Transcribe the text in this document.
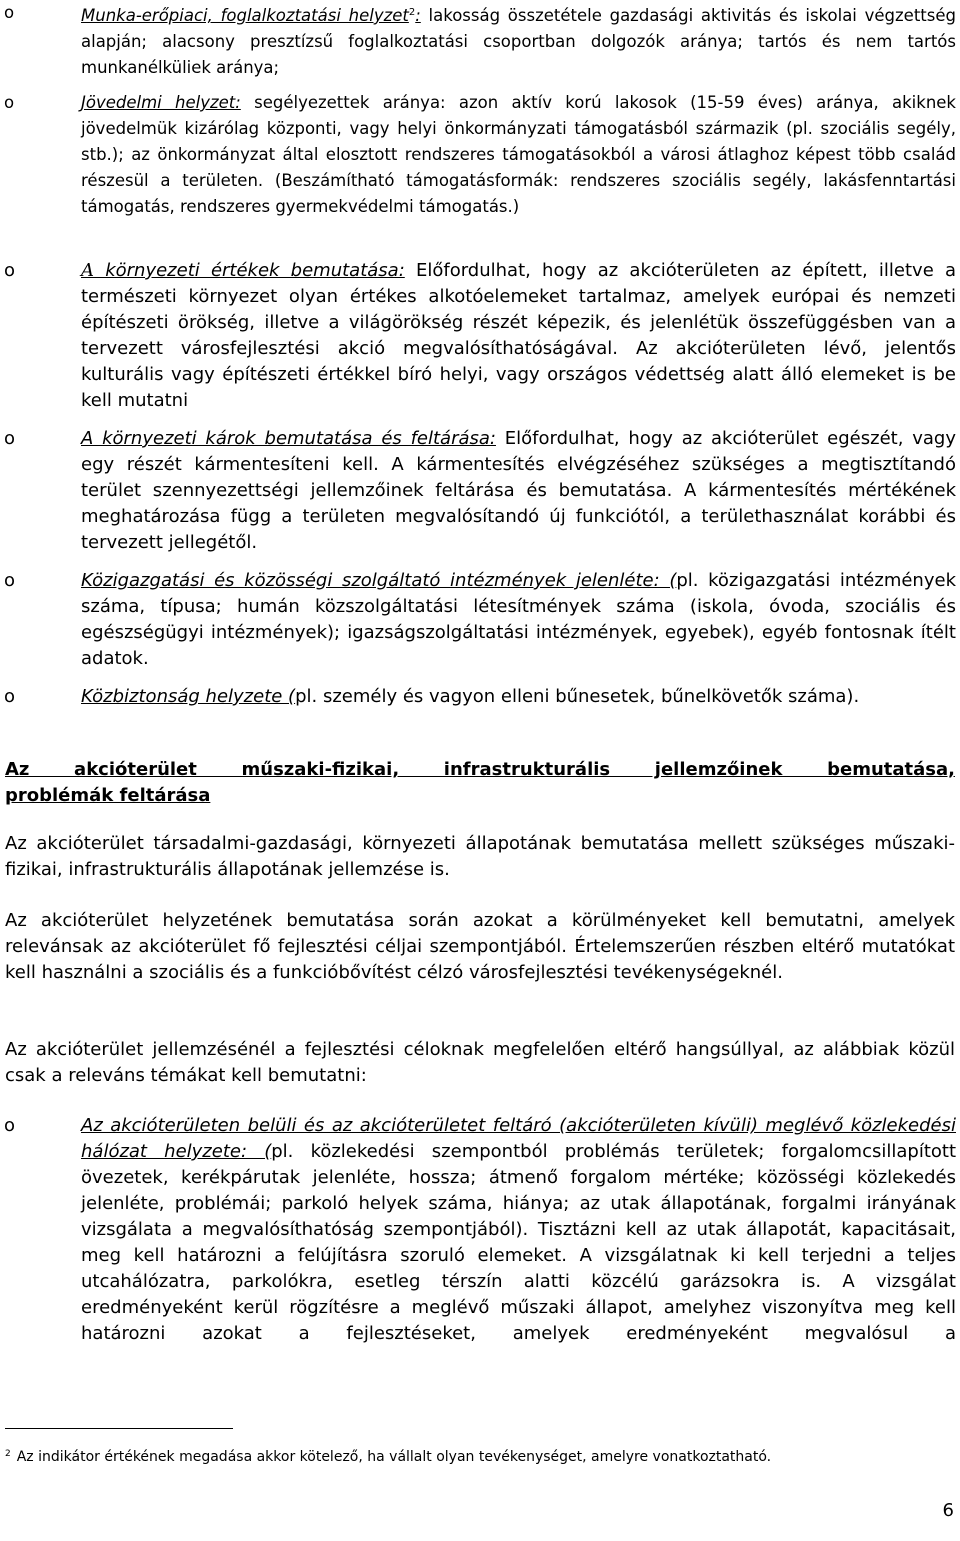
o	Munka-erőpiaci, foglalkoztatási helyzet$^2$: lakosság összetétele gazdasági aktivitás és iskolai végzettség alapján; alacsony presztízsű foglalkoztatási csoportban dolgozók aránya; tartós és nem tartós munkanélküliek aránya;
o	Jövedelmi helyzet: segélyezettek aránya: azon aktív korú lakosok (15-59 éves) aránya, akiknek jövedelmük kizárólag központi, vagy helyi önkormányzati támogatásból származik (pl. szociális segély, stb.); az önkormányzat által elosztott rendszeres támogatásokból a városi átlaghoz képest több család részesül a területen. (Beszámítható támogatásformák: rendszeres szociális segély, lakásfenntartási támogatás, rendszeres gyermekvédelmi támogatás.)
o	A környezeti értékek bemutatása: Előfordulhat, hogy az akcióterületen az épített, illetve a természeti környezet olyan értékes alkotóelemeket tartalmaz, amelyek európai és nemzeti építészeti örökség, illetve a világörökség részét képezik, és jelenlétük összefüggésben van a tervezett városfejlesztési akció megvalósíthatóságával. Az akcióterületen lévő, jelentős kulturális vagy építészeti értékkel bíró helyi, vagy országos védettség alatt álló elemeket is be kell mutatni
o	A környezeti károk bemutatása és feltárása: Előfordulhat, hogy az akcióterület egészét, vagy egy részét kármentesíteni kell. A kármentesítés elvégzéséhez szükséges a megtisztítandó terület szennyezettségi jellemzőinek feltárása és bemutatása. A kármentesítés mértékének meghatározása függ a területen megvalósítandó új funkciótól, a területhasználat korábbi és tervezett jellegétől.
o	Közigazgatási és közösségi szolgáltató intézmények jelenléte: (pl. közigazgatási intézmények száma, típusa; humán közszolgáltatási létesítmények száma (iskola, óvoda, szociális és egészségügyi intézmények); igazságszolgáltatási intézmények, egyebek), egyéb fontosnak ítélt adatok.
o	Közbiztonság helyzete (pl. személy és vagyon elleni bűnesetek, bűnelkövetők száma).
Az akcióterület műszaki-fizikai, infrastrukturális jellemzőinek bemutatása,
problémák feltárása

Az akcióterület társadalmi-gazdasági, környezeti állapotának bemutatása mellett szükséges műszaki-fizikai, infrastrukturális állapotának jellemzése is.

Az akcióterület helyzetének bemutatása során azokat a körülményeket kell bemutatni, amelyek relevánsak az akcióterület fő fejlesztési céljai szempontjából. Értelemszerűen részben eltérő mutatókat kell használni a szociális és a funkcióbővítést célzó városfejlesztési tevékenységeknél.

Az akcióterület jellemzésénél a fejlesztési céloknak megfelelően eltérő hangsúllyal, az alábbiak közül csak a releváns témákat kell bemutatni:

o	Az akcióterületen belüli és az akcióterületet feltáró (akcióterületen kívüli) meglévő közlekedési hálózat helyzete: (pl. közlekedési szempontból problémás területek; forgalomcsillapított övezetek, kerékpárutak jelenléte, hossza; átmenő forgalom mértéke; közösségi közlekedés jelenléte, problémái; parkoló helyek száma, hiánya; az utak állapotának, forgalmi irányának vizsgálata a megvalósíthatóság szempontjából). Tisztázni kell az utak állapotát, kapacitásait, meg kell határozni a felújításra szoruló elemeket. A vizsgálatnak ki kell terjedni a teljes utcahálózatra, parkolókra, esetleg térszín alatti közcélú garázsokra is. A vizsgálat eredményeként kerül rögzítésre a meglévő műszaki állapot, amelyhez viszonyítva meg kell határozni azokat a fejlesztéseket, amelyek eredményeként megvalósul a
$^2$ Az indikátor értékének megadása akkor kötelező, ha vállalt olyan tevékenységet, amelyre vonatkoztatható.
6
